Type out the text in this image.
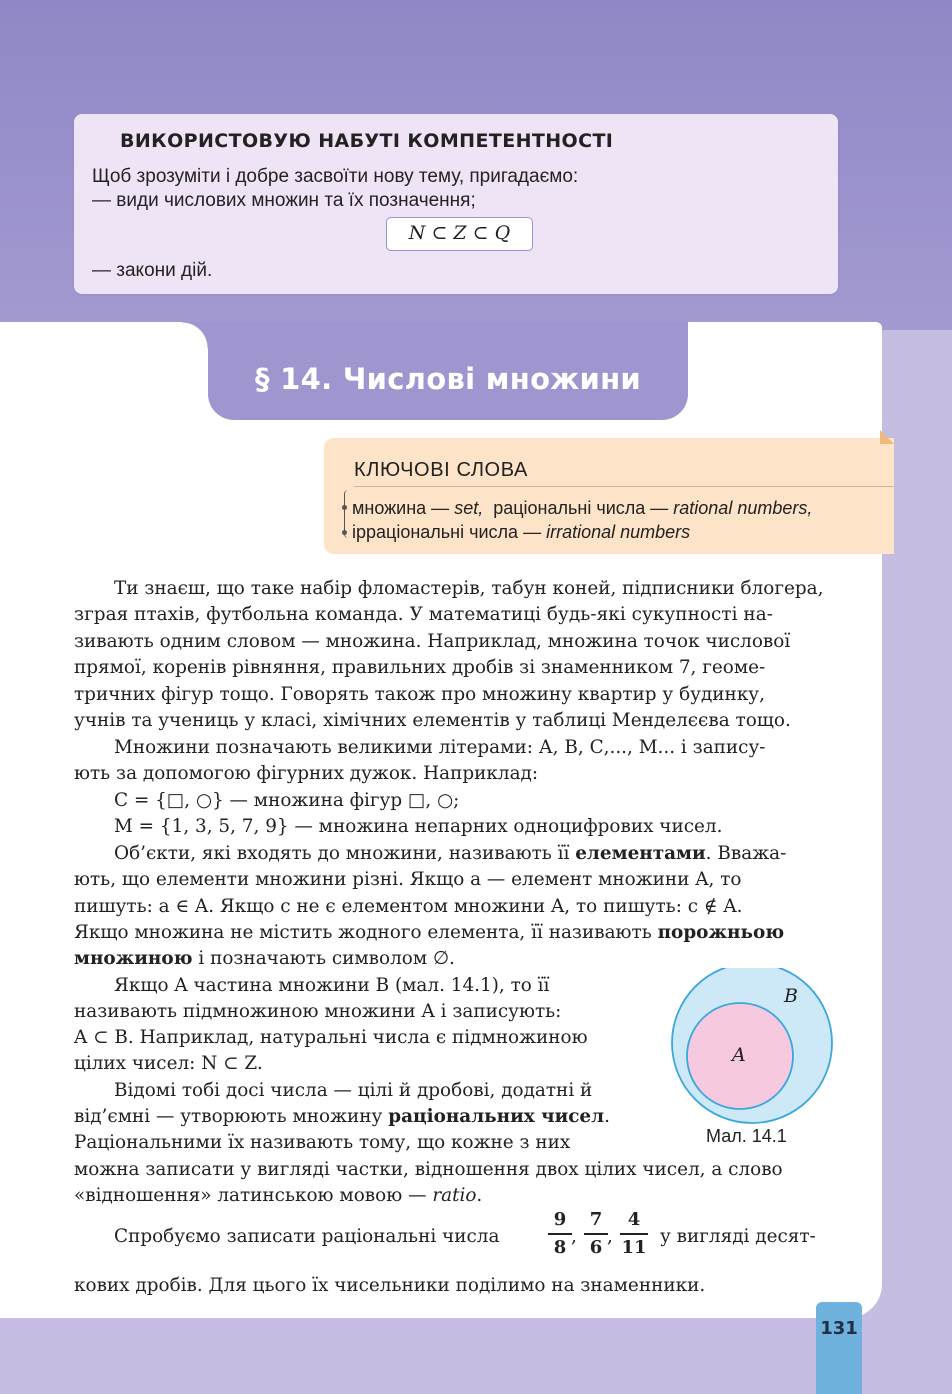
ВИКОРИСТОВУЮ НАБУТІ КОМПЕТЕНТНОСТІ
Щоб зрозуміти і добре засвоїти нову тему, пригадаємо:
— види числових множин та їх позначення;
N ⊂ Z ⊂ Q
— закони дій.
§ 14. Числові множини
КЛЮЧОВІ СЛОВА
множина — set,  раціональні числа — rational numbers,
ірраціональні числа — irrational numbers
Ти знаєш, що таке набір фломастерів, табун коней, підписники блогера,
зграя птахів, футбольна команда. У математиці будь-які сукупності на-
зивають одним словом — множина. Наприклад, множина точок числової
прямої, коренів рівняння, правильних дробів зі знаменником 7, геоме-
тричних фігур тощо. Говорять також про множину квартир у будинку,
учнів та учениць у класі, хімічних елементів у таблиці Менделєєва тощо.
Множини позначають великими літерами: А, В, С,..., М... і запису-
ють за допомогою фігурних дужок. Наприклад:
C = {□, ○} — множина фігур □, ○;
M = {1, 3, 5, 7, 9} — множина непарних одноцифрових чисел.
Об’єкти, які входять до множини, називають її елементами. Вважа-
ють, що елементи множини різні. Якщо a — елемент множини A, то
пишуть: a ∈ A. Якщо c не є елементом множини A, то пишуть: c ∉ A.
Якщо множина не містить жодного елемента, її називають порожньою
множиною і позначають символом ∅.
Якщо A частина множини B (мал. 14.1), то її
називають підмножиною множини A і записують:
A ⊂ B. Наприклад, натуральні числа є підмножиною
цілих чисел: N ⊂ Z.
Відомі тобі досі числа — цілі й дробові, додатні й
від’ємні — утворюють множину раціональних чисел.
Раціональними їх називають тому, що кожне з них
можна записати у вигляді частки, відношення двох цілих чисел, а слово
«відношення» латинською мовою — ratio.
Спробуємо записати раціональні числа
9
8 ,
7
6 ,
4
11 у вигляді десят-
кових дробів. Для цього їх чисельники поділимо на знаменники.
B
A
Мал. 14.1
131
